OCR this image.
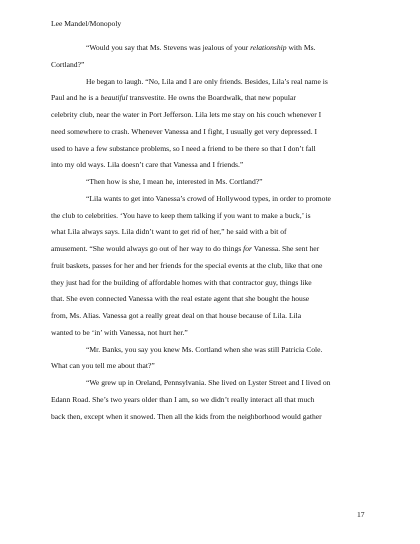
Lee Mandel/Monopoly
“Would you say that Ms. Stevens was jealous of your relationship with Ms.
Cortland?”
He began to laugh. “No, Lila and I are only friends. Besides, Lila’s real name is
Paul and he is a beautiful transvestite. He owns the Boardwalk, that new popular
celebrity club, near the water in Port Jefferson. Lila lets me stay on his couch whenever I
need somewhere to crash. Whenever Vanessa and I fight, I usually get very depressed. I
used to have a few substance problems, so I need a friend to be there so that I don’t fall
into my old ways. Lila doesn’t care that Vanessa and I friends.”
“Then how is she, I mean he, interested in Ms. Cortland?”
“Lila wants to get into Vanessa’s crowd of Hollywood types, in order to promote
the club to celebrities. ‘You have to keep them talking if you want to make a buck,’ is
what Lila always says. Lila didn’t want to get rid of her,” he said with a bit of
amusement. “She would always go out of her way to do things for Vanessa. She sent her
fruit baskets, passes for her and her friends for the special events at the club, like that one
they just had for the building of affordable homes with that contractor guy, things like
that. She even connected Vanessa with the real estate agent that she bought the house
from, Ms. Alias. Vanessa got a really great deal on that house because of Lila. Lila
wanted to be ‘in’ with Vanessa, not hurt her.”
“Mr. Banks, you say you knew Ms. Cortland when she was still Patricia Cole.
What can you tell me about that?”
“We grew up in Oreland, Pennsylvania. She lived on Lyster Street and I lived on
Edann Road. She’s two years older than I am, so we didn’t really interact all that much
back then, except when it snowed. Then all the kids from the neighborhood would gather
17
